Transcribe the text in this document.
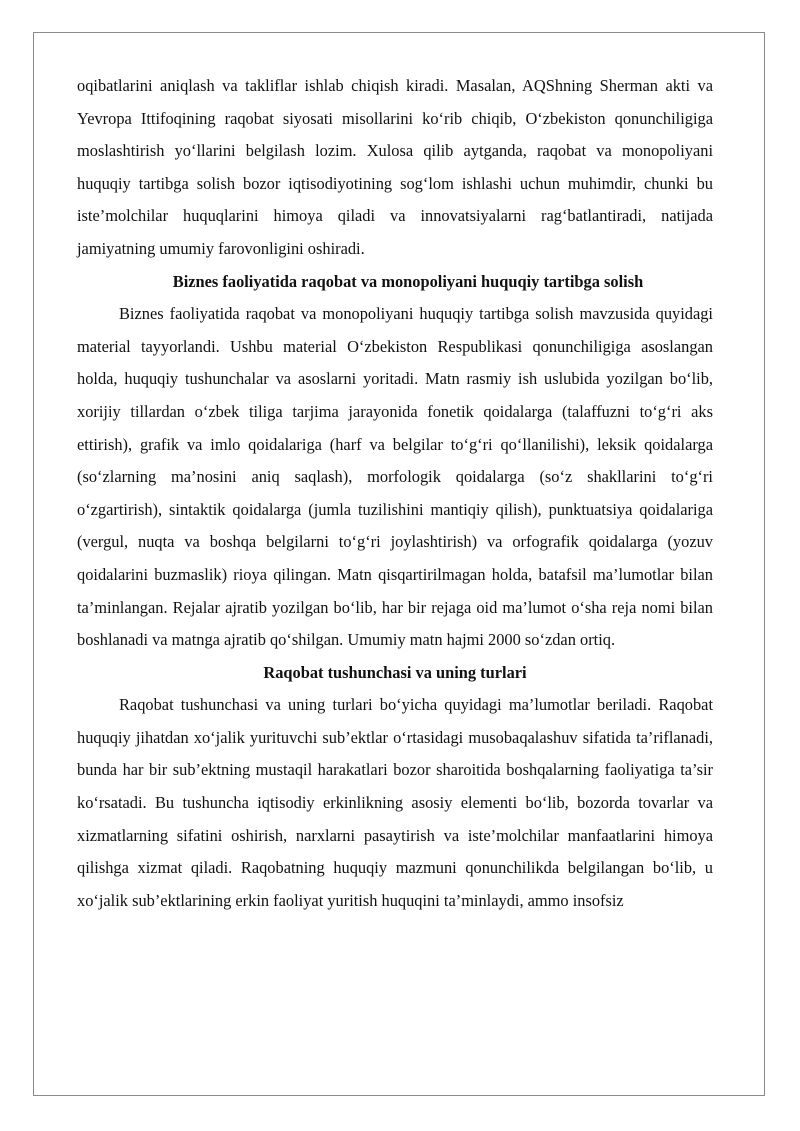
oqibatlarini aniqlash va takliflar ishlab chiqish kiradi. Masalan, AQShning Sherman akti va Yevropa Ittifoqining raqobat siyosati misollarini ko‘rib chiqib, O‘zbekiston qonunchiligiga moslashtirish yo‘llarini belgilash lozim. Xulosa qilib aytganda, raqobat va monopoliyani huquqiy tartibga solish bozor iqtisodiyotining sog‘lom ishlashi uchun muhimdir, chunki bu iste’molchilar huquqlarini himoya qiladi va innovatsiyalarni rag‘batlantiradi, natijada jamiyatning umumiy farovonligini oshiradi.

Biznes faoliyatida raqobat va monopoliyani huquqiy tartibga solish

Biznes faoliyatida raqobat va monopoliyani huquqiy tartibga solish mavzusida quyidagi material tayyorlandi. Ushbu material O‘zbekiston Respublikasi qonunchiligiga asoslangan holda, huquqiy tushunchalar va asoslarni yoritadi. Matn rasmiy ish uslubida yozilgan bo‘lib, xorijiy tillardan o‘zbek tiliga tarjima jarayonida fonetik qoidalarga (talaffuzni to‘g‘ri aks ettirish), grafik va imlo qoidalariga (harf va belgilar to‘g‘ri qo‘llanilishi), leksik qoidalarga (so‘zlarning ma’nosini aniq saqlash), morfologik qoidalarga (so‘z shakllarini to‘g‘ri o‘zgartirish), sintaktik qoidalarga (jumla tuzilishini mantiqiy qilish), punktuatsiya qoidalariga (vergul, nuqta va boshqa belgilarni to‘g‘ri joylashtirish) va orfografik qoidalarga (yozuv qoidalarini buzmaslik) rioya qilingan. Matn qisqartirilmagan holda, batafsil ma’lumotlar bilan ta’minlangan. Rejalar ajratib yozilgan bo‘lib, har bir rejaga oid ma’lumot o‘sha reja nomi bilan boshlanadi va matnga ajratib qo‘shilgan. Umumiy matn hajmi 2000 so‘zdan ortiq.

Raqobat tushunchasi va uning turlari

Raqobat tushunchasi va uning turlari bo‘yicha quyidagi ma’lumotlar beriladi. Raqobat huquqiy jihatdan xo‘jalik yurituvchi sub’ektlar o‘rtasidagi musobaqalashuv sifatida ta’riflanadi, bunda har bir sub’ektning mustaqil harakatlari bozor sharoitida boshqalarning faoliyatiga ta’sir ko‘rsatadi. Bu tushuncha iqtisodiy erkinlikning asosiy elementi bo‘lib, bozorda tovarlar va xizmatlarning sifatini oshirish, narxlarni pasaytirish va iste’molchilar manfaatlarini himoya qilishga xizmat qiladi. Raqobatning huquqiy mazmuni qonunchilikda belgilangan bo‘lib, u xo‘jalik sub’ektlarining erkin faoliyat yuritish huquqini ta’minlaydi, ammo insofsiz
